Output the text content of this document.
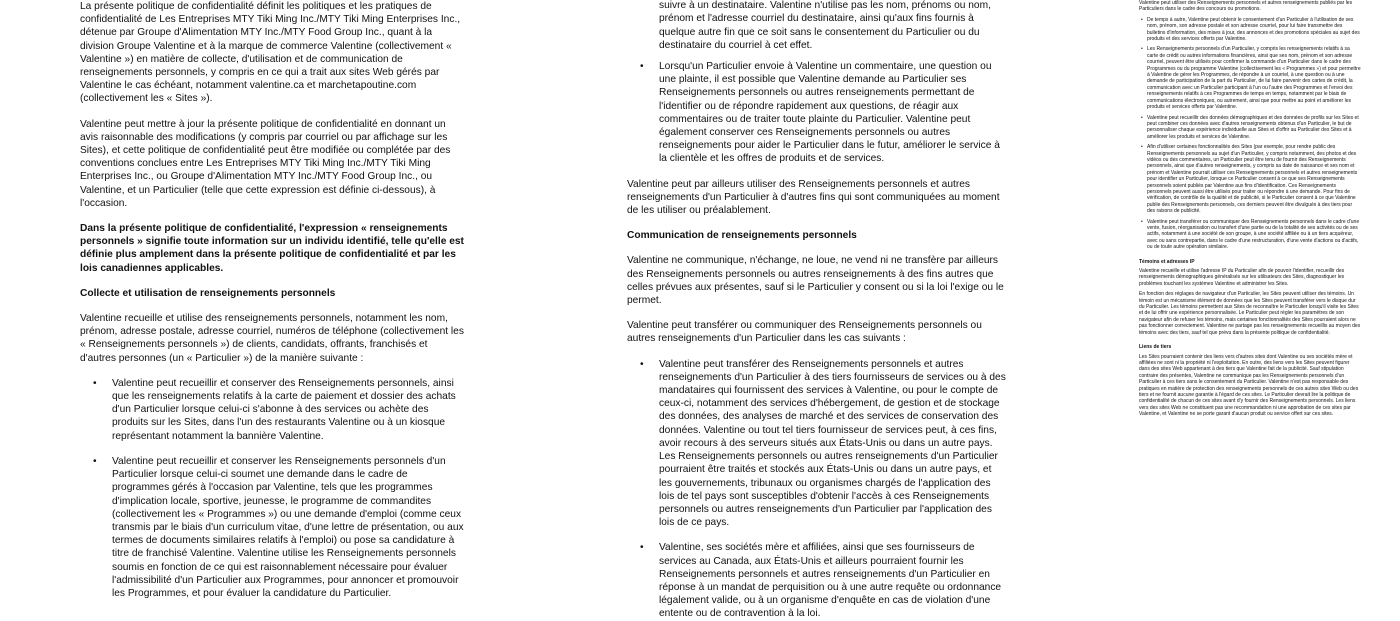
La présente politique de confidentialité définit les politiques et les pratiques de confidentialité de Les Entreprises MTY Tiki Ming Inc./MTY Tiki Ming Enterprises Inc., détenue par Groupe d'Alimentation MTY Inc./MTY Food Group Inc., quant à la division Groupe Valentine et à la marque de commerce Valentine (collectivement « Valentine ») en matière de collecte, d'utilisation et de communication de renseignements personnels, y compris en ce qui a trait aux sites Web gérés par Valentine le cas échéant, notamment valentine.ca et marchetapoutine.com (collectivement les « Sites »).

Valentine peut mettre à jour la présente politique de confidentialité en donnant un avis raisonnable des modifications (y compris par courriel ou par affichage sur les Sites), et cette politique de confidentialité peut être modifiée ou complétée par des conventions conclues entre Les Entreprises MTY Tiki Ming Inc./MTY Tiki Ming Enterprises Inc., ou Groupe d'Alimentation MTY Inc./MTY Food Group Inc., ou Valentine, et un Particulier (telle que cette expression est définie ci-dessous), à l'occasion.

Dans la présente politique de confidentialité, l'expression « renseignements personnels » signifie toute information sur un individu identifié, telle qu'elle est définie plus amplement dans la présente politique de confidentialité et par les lois canadiennes applicables.

Collecte et utilisation de renseignements personnels

Valentine recueille et utilise des renseignements personnels, notamment les nom, prénom, adresse postale, adresse courriel, numéros de téléphone (collectivement les « Renseignements personnels ») de clients, candidats, offrants, franchisés et d'autres personnes (un « Particulier ») de la manière suivante :

• Valentine peut recueillir et conserver des Renseignements personnels, ainsi que les renseignements relatifs à la carte de paiement et dossier des achats d'un Particulier lorsque celui-ci s'abonne à des services ou achète des produits sur les Sites, dans l'un des restaurants Valentine ou à un kiosque représentant notamment la bannière Valentine.
• Valentine peut recueillir et conserver les Renseignements personnels d'un Particulier lorsque celui-ci soumet une demande dans le cadre de programmes gérés à l'occasion par Valentine, tels que les programmes d'implication locale, sportive, jeunesse, le programme de commandites (collectivement les « Programmes ») ou une demande d'emploi (comme ceux transmis par le biais d'un curriculum vitae, d'une lettre de présentation, ou aux termes de documents similaires relatifs à l'emploi) ou pose sa candidature à titre de franchisé Valentine. Valentine utilise les Renseignements personnels soumis en fonction de ce qui est raisonnablement nécessaire pour évaluer l'admissibilité d'un Particulier aux Programmes, pour annoncer et promouvoir les Programmes, et pour évaluer la candidature du Particulier.

suivre à un destinataire. Valentine n'utilise pas les nom, prénoms ou nom, prénom et l'adresse courriel du destinataire, ainsi qu'aux fins fournis à quelque autre fin que ce soit sans le consentement du Particulier ou du destinataire du courriel à cet effet.

• Lorsqu'un Particulier envoie à Valentine un commentaire, une question ou une plainte, il est possible que Valentine demande au Particulier ses Renseignements personnels ou autres renseignements permettant de l'identifier ou de répondre rapidement aux questions, de réagir aux commentaires ou de traiter toute plainte du Particulier. Valentine peut également conserver ces Renseignements personnels ou autres renseignements pour aider le Particulier dans le futur, améliorer le service à la clientèle et les offres de produits et de services.

Valentine peut par ailleurs utiliser des Renseignements personnels et autres renseignements d'un Particulier à d'autres fins qui sont communiquées au moment de les utiliser ou préalablement.

Communication de renseignements personnels

Valentine ne communique, n'échange, ne loue, ne vend ni ne transfère par ailleurs des Renseignements personnels ou autres renseignements à des fins autres que celles prévues aux présentes, sauf si le Particulier y consent ou si la loi l'exige ou le permet.

Valentine peut transférer ou communiquer des Renseignements personnels ou autres renseignements d'un Particulier dans les cas suivants :

• Valentine peut transférer des Renseignements personnels et autres renseignements d'un Particulier à des tiers fournisseurs de services ou à des mandataires qui fournissent des services à Valentine, ou pour le compte de ceux-ci, notamment des services d'hébergement, de gestion et de stockage des données, des analyses de marché et des services de conservation des données. Valentine ou tout tel tiers fournisseur de services peut, à ces fins, avoir recours à des serveurs situés aux États-Unis ou dans un autre pays. Les Renseignements personnels ou autres renseignements d'un Particulier pourraient être traités et stockés aux États-Unis ou dans un autre pays, et les gouvernements, tribunaux ou organismes chargés de l'application des lois de tel pays sont susceptibles d'obtenir l'accès à ces Renseignements personnels ou autres renseignements d'un Particulier par l'application des lois de ce pays.
• Valentine, ses sociétés mère et affiliées, ainsi que ses fournisseurs de services au Canada, aux États-Unis et ailleurs pourraient fournir les Renseignements personnels et autres renseignements d'un Particulier en réponse à un mandat de perquisition ou à une autre requête ou ordonnance légalement valide, ou à un organisme d'enquête en cas de violation d'une entente ou de contravention à la loi.

Valentine peut utiliser des Renseignements personnels et autres renseignements publiés par les Particuliers dans le cadre des concours ou promotions.

• De temps à autre, Valentine peut obtenir le consentement d'un Particulier à l'utilisation de ses nom, prénom, son adresse postale et son adresse courriel, pour lui faire transmettre des bulletins d'information, des mises à jour, des annonces et des promotions spéciales au sujet des produits et des services offerts par Valentine.
• Les Renseignements personnels d'un Particulier, y compris les renseignements relatifs à sa carte de crédit ou autres informations financières, ainsi que ses nom, prénom et son adresse courriel, peuvent être utilisés pour confirmer la commande d'un Particulier dans le cadre des Programmes ou du programme Valentine (collectivement les « Programmes ») et pour permettre à Valentine de gérer les Programmes, de répondre à un courriel, à une question ou à une demande de participation de la part du Particulier, de lui faire parvenir des cartes de crédit, la communication avec un Particulier participant à l'un ou l'autre des Programmes et l'envoi des renseignements relatifs à ces Programmes de temps en temps, notamment par le biais de communications électroniques, ou autrement, ainsi que pour mettre au point et améliorer les produits et services offerts par Valentine.
• Valentine peut recueillir des données démographiques et des données de profils sur les Sites et peut combiner ces données avec d'autres renseignements obtenus d'un Particulier, le but de personnaliser chaque expérience individuelle aux Sites et d'offrir au Particulier des Sites et à améliorer les produits et services de Valentine.
• Afin d'utiliser certaines fonctionnalités des Sites (par exemple, pour rendre public des Renseignements personnels au sujet d'un Particulier, y compris notamment, des photos et des vidéos ou des commentaires, un Particulier peut être tenu de fournir des Renseignements personnels, ainsi que d'autres renseignements, y compris sa date de naissance et ses nom et prénom et Valentine pourrait utiliser ces Renseignements personnels et autres renseignements pour identifier un Particulier, lorsque ce Particulier consent à ce que ses Renseignements personnels soient publiés par Valentine aux fins d'identification. Ces Renseignements personnels peuvent aussi être utilisés pour traiter ou répondre à une demande. Pour fins de vérification, de contrôle de la qualité et de publicité, si le Particulier consent à ce que Valentine publie des Renseignements personnels, ces derniers peuvent être divulgués à des tiers pour des raisons de publicité.
• Valentine peut transférer ou communiquer des Renseignements personnels dans le cadre d'une vente, fusion, réorganisation ou transfert d'une partie ou de la totalité de ses activités ou de ses actifs, notamment à une société de son groupe, à une société affiliée ou à un tiers acquéreur, avec ou sans contrepartie, dans le cadre d'une restructuration, d'une vente d'actions ou d'actifs, ou de toute autre opération similaire.

Témoins et adresses IP

Valentine recueille et utilise l'adresse IP du Particulier afin de pouvoir l'identifier, recueillir des renseignements démographiques généralisés sur les utilisateurs des Sites, diagnostiquer les problèmes touchant les systèmes Valentine et administrer les Sites.

En fonction des réglages de navigateur d'un Particulier, les Sites peuvent utiliser des témoins. Un témoin est un mécanisme élément de données que les Sites peuvent transférer vers le disque dur du Particulier. Les témoins permettent aux Sites de reconnaître le Particulier lorsqu'il visite les Sites et de lui offrir une expérience personnalisée. Le Particulier peut régler les paramètres de son navigateur afin de refuser les témoins, mais certaines fonctionnalités des Sites pourraient alors ne pas fonctionner correctement. Valentine ne partage pas les renseignements recueillis au moyen des témoins avec des tiers, sauf tel que prévu dans la présente politique de confidentialité.

Liens de tiers

Les Sites pourraient contenir des liens vers d'autres sites dont Valentine ou ses sociétés mère et affiliées ne sont ni la propriété ni l'exploitation. En outre, des liens vers les Sites peuvent figurer dans des sites Web appartenant à des tiers que Valentine fait de la publicité. Sauf stipulation contraire des présentes, Valentine ne communique pas les Renseignements personnels d'un Particulier à ces tiers sans le consentement du Particulier. Valentine n'est pas responsable des pratiques en matière de protection des renseignements personnels de ces autres sites Web ou des tiers et ne fournit aucune garantie à l'égard de ces sites. Le Particulier devrait lire la politique de confidentialité de chacun de ces sites avant d'y fournir des Renseignements personnels. Les liens vers des sites Web ne constituent pas une recommandation ni une approbation de ces sites par Valentine, et Valentine ne se porte garant d'aucun produit ou service offert sur ces sites.
